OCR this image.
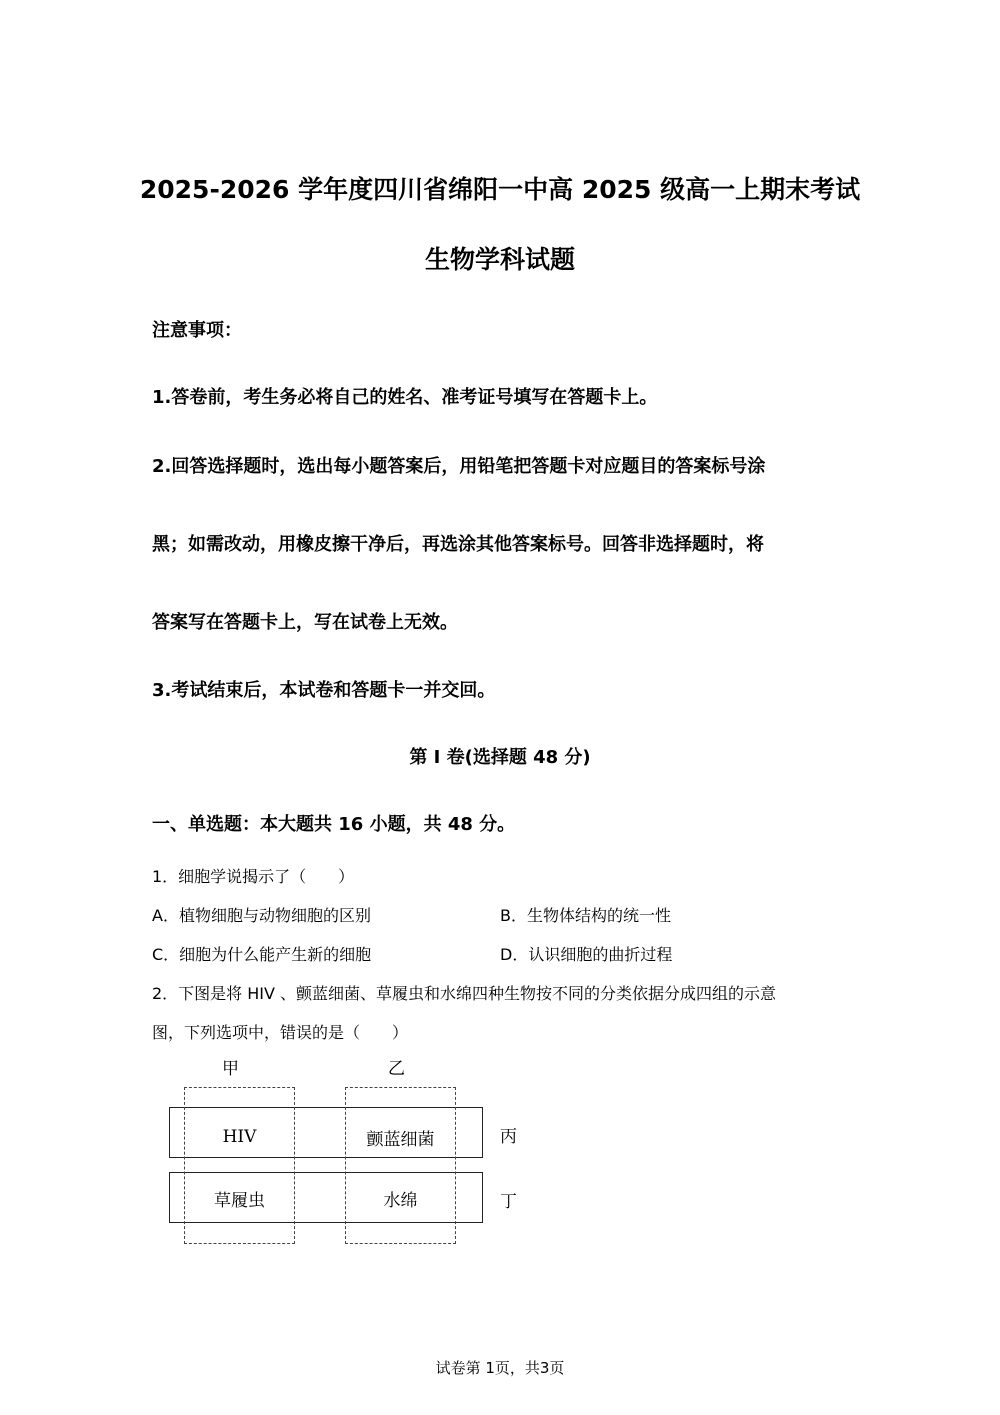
2025-2026 学年度四川省绵阳一中高 2025 级高一上期末考试
生物学科试题
注意事项：
1.答卷前，考生务必将自己的姓名、准考证号填写在答题卡上。
2.回答选择题时，选出每小题答案后，用铅笔把答题卡对应题目的答案标号涂
黑；如需改动，用橡皮擦干净后，再选涂其他答案标号。回答非选择题时，将
答案写在答题卡上，写在试卷上无效。
3.考试结束后，本试卷和答题卡一并交回。
第 I 卷(选择题 48 分)
一、单选题：本大题共 16 小题，共 48 分。
1．细胞学说揭示了（　　）
A．植物细胞与动物细胞的区别	B．生物体结构的统一性
C．细胞为什么能产生新的细胞	D．认识细胞的曲折过程
2．下图是将 HIV 、颤蓝细菌、草履虫和水绵四种生物按不同的分类依据分成四组的示意
图，下列选项中，错误的是（　　）
甲	乙
HIV	颤蓝细菌
草履虫	水绵
丙
丁
试卷第 1页，共3页
